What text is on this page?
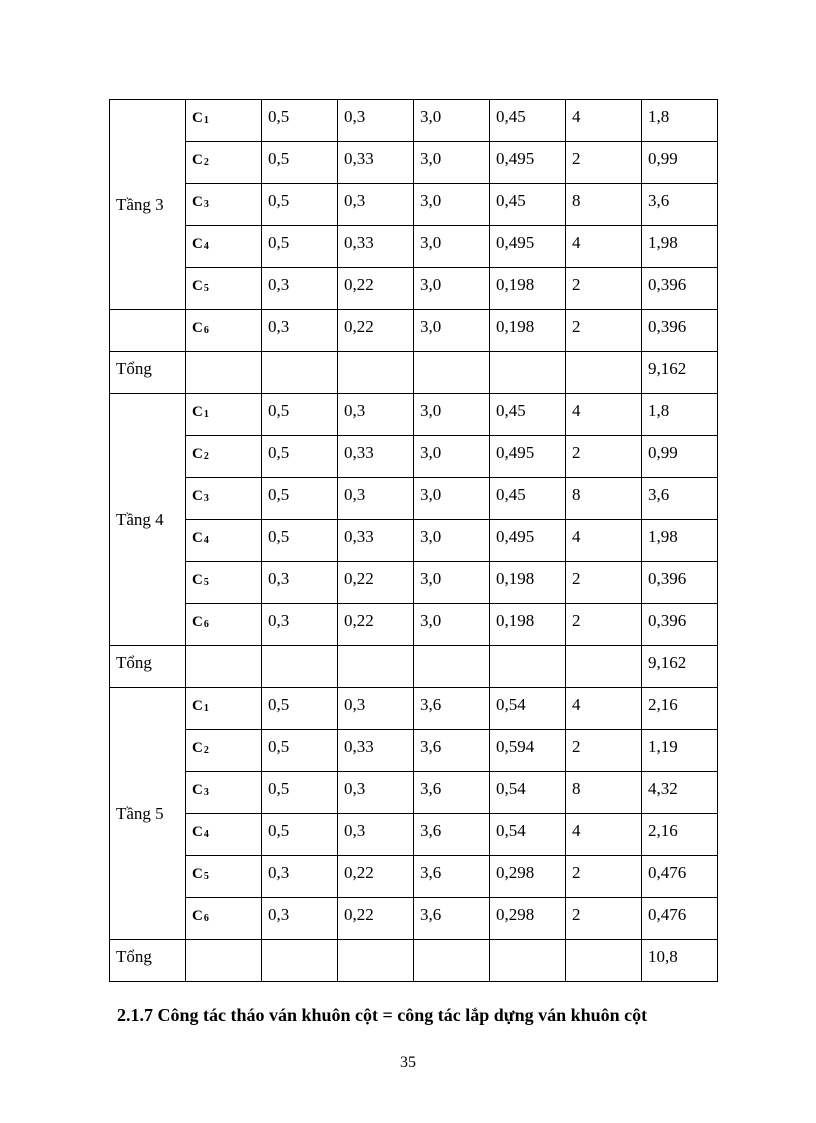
Tầng 3	C1	0,5	0,3	3,0	0,45	4	1,8

	C2	0,5	0,33	3,0	0,495	2	0,99

	C3	0,5	0,3	3,0	0,45	8	3,6

	C4	0,5	0,33	3,0	0,495	4	1,98

	C5	0,3	0,22	3,0	0,198	2	0,396

	C6	0,3	0,22	3,0	0,198	2	0,396

Tổng							9,162

Tầng 4	C1	0,5	0,3	3,0	0,45	4	1,8

	C2	0,5	0,33	3,0	0,495	2	0,99

	C3	0,5	0,3	3,0	0,45	8	3,6

	C4	0,5	0,33	3,0	0,495	4	1,98

	C5	0,3	0,22	3,0	0,198	2	0,396

	C6	0,3	0,22	3,0	0,198	2	0,396

Tổng							9,162

Tầng 5	C1	0,5	0,3	3,6	0,54	4	2,16

	C2	0,5	0,33	3,6	0,594	2	1,19

	C3	0,5	0,3	3,6	0,54	8	4,32

	C4	0,5	0,3	3,6	0,54	4	2,16

	C5	0,3	0,22	3,6	0,298	2	0,476

	C6	0,3	0,22	3,6	0,298	2	0,476

Tổng							10,8
2.1.7 Công tác tháo ván khuôn cột = công tác lắp dựng ván khuôn cột
35
